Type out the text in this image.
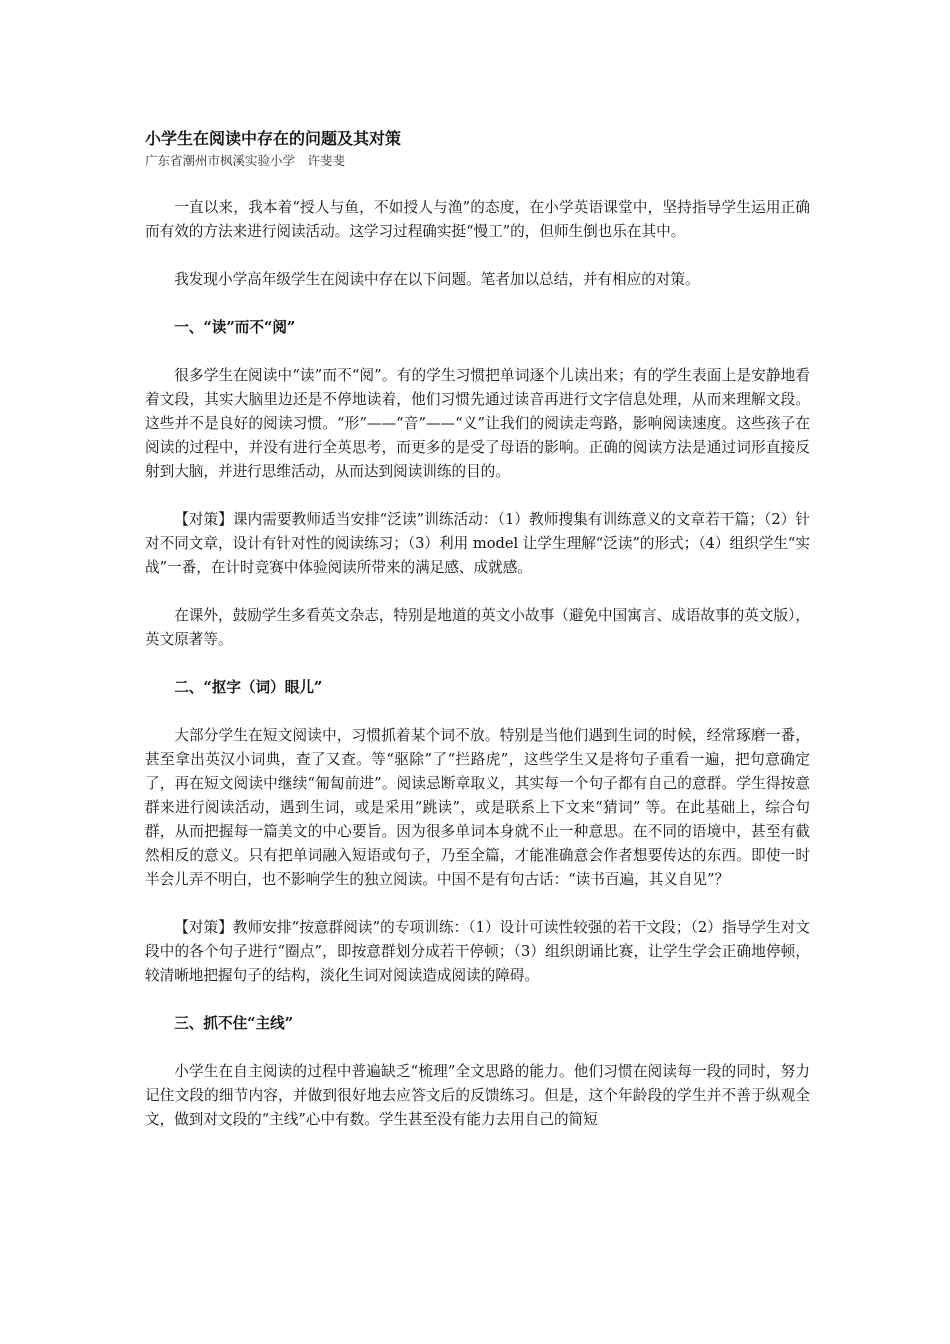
小学生在阅读中存在的问题及其对策

广东省潮州市枫溪实验小学　许斐斐

一直以来，我本着“授人与鱼，不如授人与渔”的态度，在小学英语课堂中，坚持指导学生运用正确而有效的方法来进行阅读活动。这学习过程确实挺“慢工”的，但师生倒也乐在其中。

我发现小学高年级学生在阅读中存在以下问题。笔者加以总结，并有相应的对策。

一、“读”而不“阅”

很多学生在阅读中“读”而不“阅”。有的学生习惯把单词逐个儿读出来；有的学生表面上是安静地看着文段，其实大脑里边还是不停地读着，他们习惯先通过读音再进行文字信息处理，从而来理解文段。这些并不是良好的阅读习惯。“形”——“音”——“义”让我们的阅读走弯路，影响阅读速度。这些孩子在阅读的过程中，并没有进行全英思考，而更多的是受了母语的影响。正确的阅读方法是通过词形直接反射到大脑，并进行思维活动，从而达到阅读训练的目的。

【对策】课内需要教师适当安排“泛读”训练活动：（1）教师搜集有训练意义的文章若干篇；（2）针对不同文章，设计有针对性的阅读练习；（3）利用 model 让学生理解“泛读”的形式；（4）组织学生“实战”一番，在计时竞赛中体验阅读所带来的满足感、成就感。

在课外，鼓励学生多看英文杂志，特别是地道的英文小故事（避免中国寓言、成语故事的英文版），英文原著等。

二、“抠字（词）眼儿”

大部分学生在短文阅读中，习惯抓着某个词不放。特别是当他们遇到生词的时候，经常琢磨一番，甚至拿出英汉小词典，查了又查。等“驱除”了“拦路虎”，这些学生又是将句子重看一遍，把句意确定了，再在短文阅读中继续“匍匐前进”。阅读忌断章取义，其实每一个句子都有自己的意群。学生得按意群来进行阅读活动，遇到生词，或是采用“跳读”，或是联系上下文来“猜词” 等。在此基础上，综合句群，从而把握每一篇美文的中心要旨。因为很多单词本身就不止一种意思。在不同的语境中，甚至有截然相反的意义。只有把单词融入短语或句子，乃至全篇，才能准确意会作者想要传达的东西。即使一时半会儿弄不明白，也不影响学生的独立阅读。中国不是有句古话：“读书百遍，其义自见”？

【对策】教师安排“按意群阅读”的专项训练：（1）设计可读性较强的若干文段；（2）指导学生对文段中的各个句子进行“圈点”，即按意群划分成若干停顿；（3）组织朗诵比赛，让学生学会正确地停顿，较清晰地把握句子的结构，淡化生词对阅读造成阅读的障碍。

三、抓不住“主线”

小学生在自主阅读的过程中普遍缺乏“梳理”全文思路的能力。他们习惯在阅读每一段的同时，努力记住文段的细节内容，并做到很好地去应答文后的反馈练习。但是，这个年龄段的学生并不善于纵观全文，做到对文段的“主线”心中有数。学生甚至没有能力去用自己的简短
